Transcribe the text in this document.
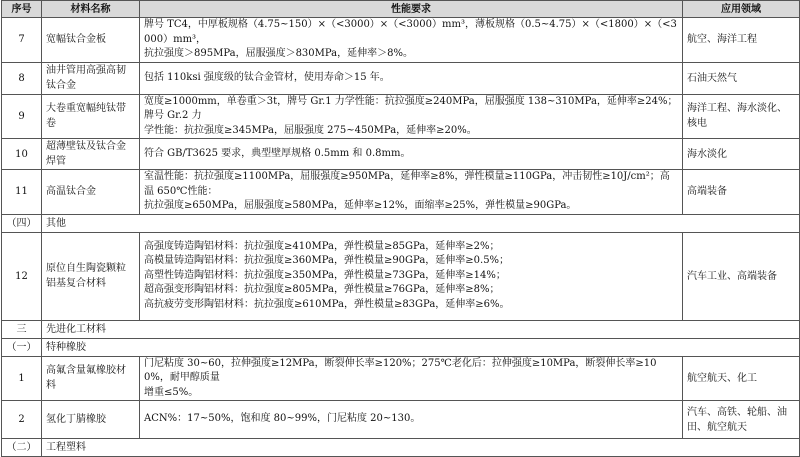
序号	材料名称	性能要求	应用领域
7	宽幅钛合金板	牌号 TC4，中厚板规格（4.75~150）×（<3000）×（<3000）mm³，薄板规格（0.5~4.75）×（<1800）×（<3000）mm³，
抗拉强度＞895MPa，屈服强度＞830MPa，延伸率＞8%。	航空、海洋工程
8	油井管用高强高韧钛合金	包括 110ksi 强度级的钛合金管材，使用寿命＞15 年。	石油天然气
9	大卷重宽幅纯钛带卷	宽度≥1000mm，单卷重＞3t，牌号 Gr.1 力学性能：抗拉强度≥240MPa，屈服强度 138~310MPa，延伸率≥24%；牌号 Gr.2 力
学性能：抗拉强度≥345MPa，屈服强度 275~450MPa，延伸率≥20%。	海洋工程、海水淡化、核电
10	超薄壁钛及钛合金焊管	符合 GB/T3625 要求，典型壁厚规格 0.5mm 和 0.8mm。	海水淡化
11	高温钛合金	室温性能：抗拉强度≥1100MPa，屈服强度≥950MPa，延伸率≥8%，弹性模量≥110GPa，冲击韧性≥10J/cm²；高温 650℃性能：
抗拉强度≥650MPa，屈服强度≥580MPa，延伸率≥12%，面缩率≥25%，弹性模量≥90GPa。	高端装备
（四）	其他		
12	原位自生陶瓷颗粒铝基复合材料	高强度铸造陶铝材料：抗拉强度≥410MPa，弹性模量≥85GPa，延伸率≥2%；
高模量铸造陶铝材料：抗拉强度≥360MPa，弹性模量≥90GPa，延伸率≥0.5%；
高塑性铸造陶铝材料：抗拉强度≥350MPa，弹性模量≥73GPa，延伸率≥14%；
超高强变形陶铝材料：抗拉强度≥805MPa，弹性模量≥76GPa，延伸率≥8%；
高抗疲劳变形陶铝材料：抗拉强度≥610MPa，弹性模量≥83GPa，延伸率≥6%。	汽车工业、高端装备
三	先进化工材料		
（一）	特种橡胶		
1	高氟含量氟橡胶材料	门尼粘度 30~60，拉伸强度≥12MPa，断裂伸长率≥120%；275℃老化后：拉伸强度≥10MPa，断裂伸长率≥100%，耐甲醇质量
增重≤5%。	航空航天、化工
2	氢化丁腈橡胶	ACN%：17~50%，饱和度 80~99%，门尼粘度 20~130。	汽车、高铁、轮船、油田、航空航天
（二）	工程塑料		
